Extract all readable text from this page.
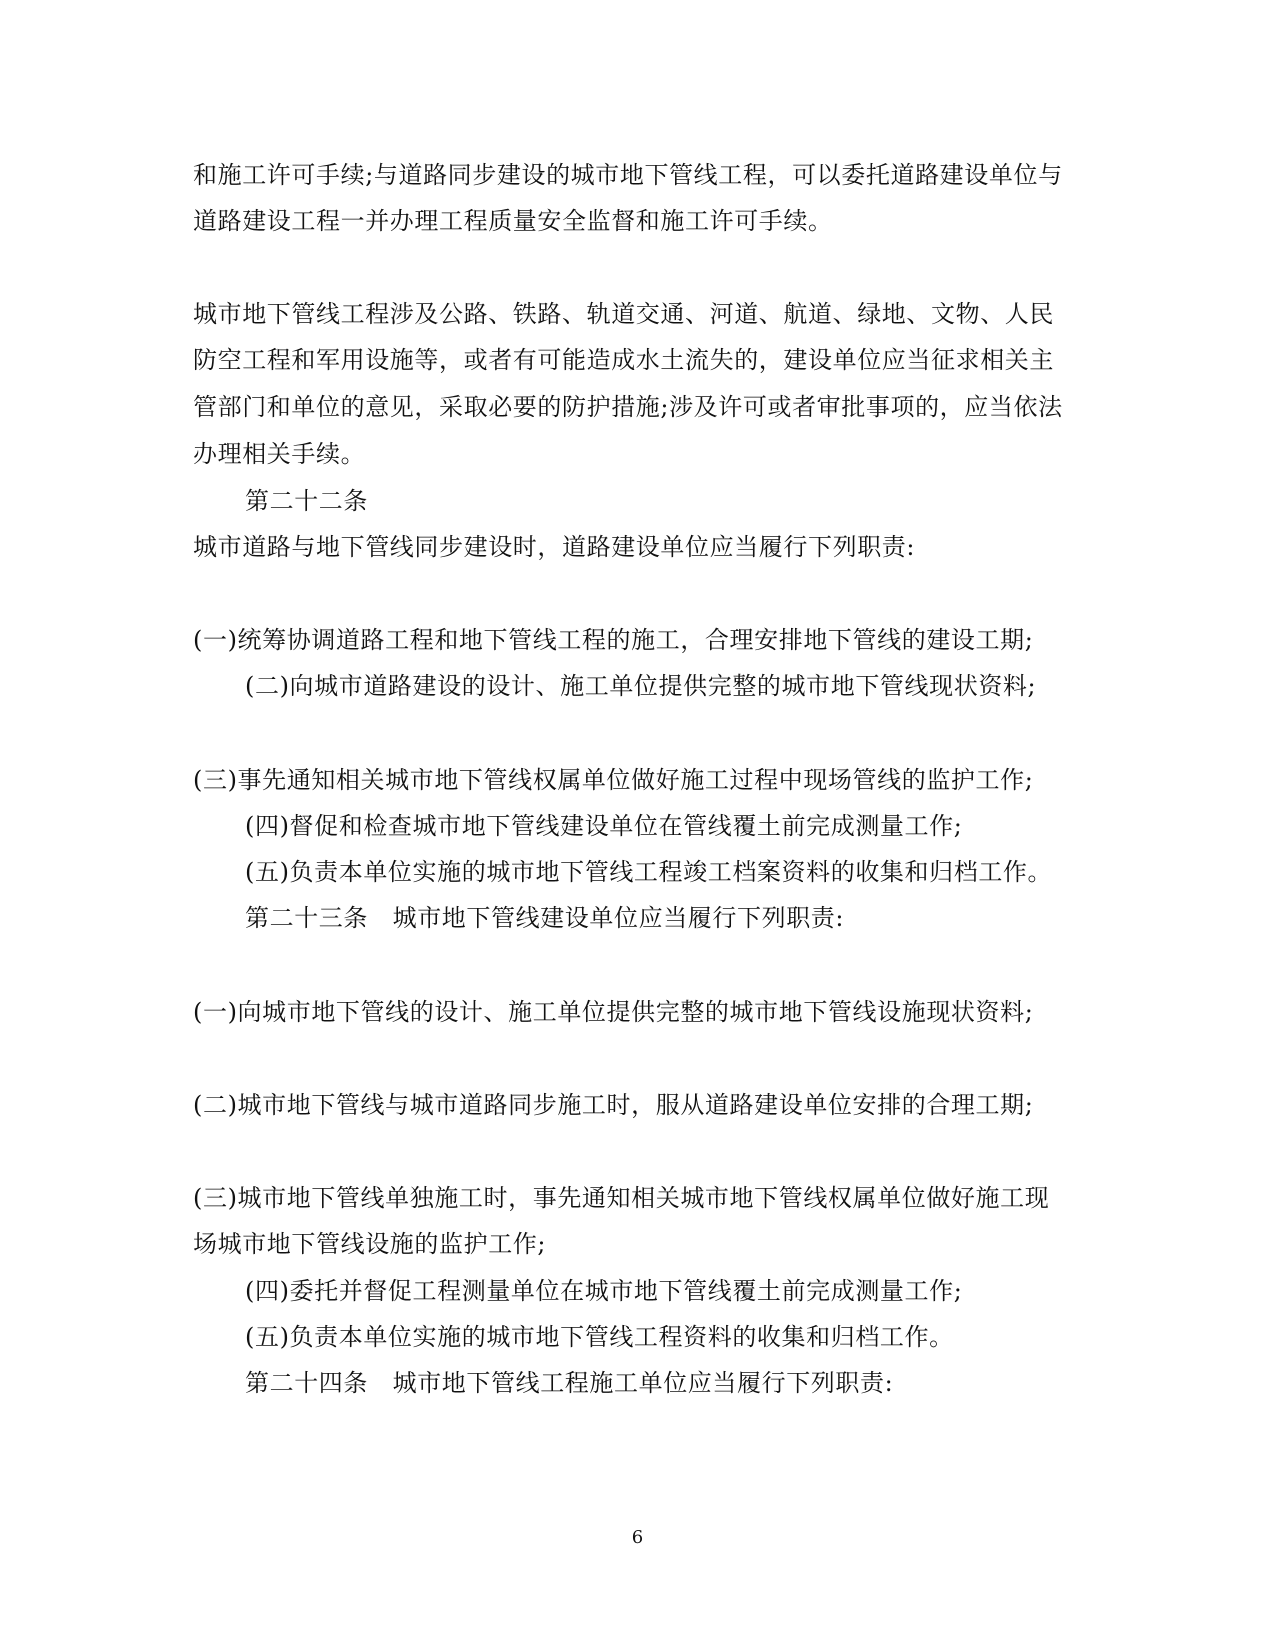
和施工许可手续;与道路同步建设的城市地下管线工程，可以委托道路建设单位与
道路建设工程一并办理工程质量安全监督和施工许可手续。
城市地下管线工程涉及公路、铁路、轨道交通、河道、航道、绿地、文物、人民
防空工程和军用设施等，或者有可能造成水土流失的，建设单位应当征求相关主
管部门和单位的意见，采取必要的防护措施;涉及许可或者审批事项的，应当依法
办理相关手续。
第二十二条
城市道路与地下管线同步建设时，道路建设单位应当履行下列职责:
(一)统筹协调道路工程和地下管线工程的施工，合理安排地下管线的建设工期;
(二)向城市道路建设的设计、施工单位提供完整的城市地下管线现状资料;
(三)事先通知相关城市地下管线权属单位做好施工过程中现场管线的监护工作;
(四)督促和检查城市地下管线建设单位在管线覆土前完成测量工作;
(五)负责本单位实施的城市地下管线工程竣工档案资料的收集和归档工作。
第二十三条　城市地下管线建设单位应当履行下列职责:
(一)向城市地下管线的设计、施工单位提供完整的城市地下管线设施现状资料;
(二)城市地下管线与城市道路同步施工时，服从道路建设单位安排的合理工期;
(三)城市地下管线单独施工时，事先通知相关城市地下管线权属单位做好施工现
场城市地下管线设施的监护工作;
(四)委托并督促工程测量单位在城市地下管线覆土前完成测量工作;
(五)负责本单位实施的城市地下管线工程资料的收集和归档工作。
第二十四条　城市地下管线工程施工单位应当履行下列职责:
6
